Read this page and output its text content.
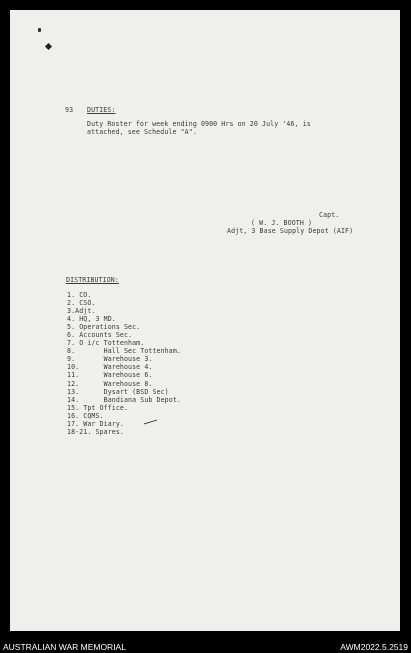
93 DUTIES:
Duty Roster for week ending 0900 Hrs on 20 July '46, is
attached, see Schedule "A".
Capt.
( W. J. BOOTH )
Adjt, 3 Base Supply Depot (AIF)
DISTRIBUTION:
1. CO.
2. CSO.
3.Adjt.
4. HQ, 3 MD.
5. Operations Sec.
6. Accounts Sec.
7. O i/c Tottenham.
8.       Hall Sec Tottenham.
9.       Warehouse 3.
10.      Warehouse 4.
11.      Warehouse 6.
12.      Warehouse 8.
13.      Dysart (BSD Sec)
14.      Bandiana Sub Depot.
15. Tpt Office.
16. CQMS.
17. War Diary.
18-21. Spares.
AUSTRALIAN WAR MEMORIAL	AWM2022.5.2519
